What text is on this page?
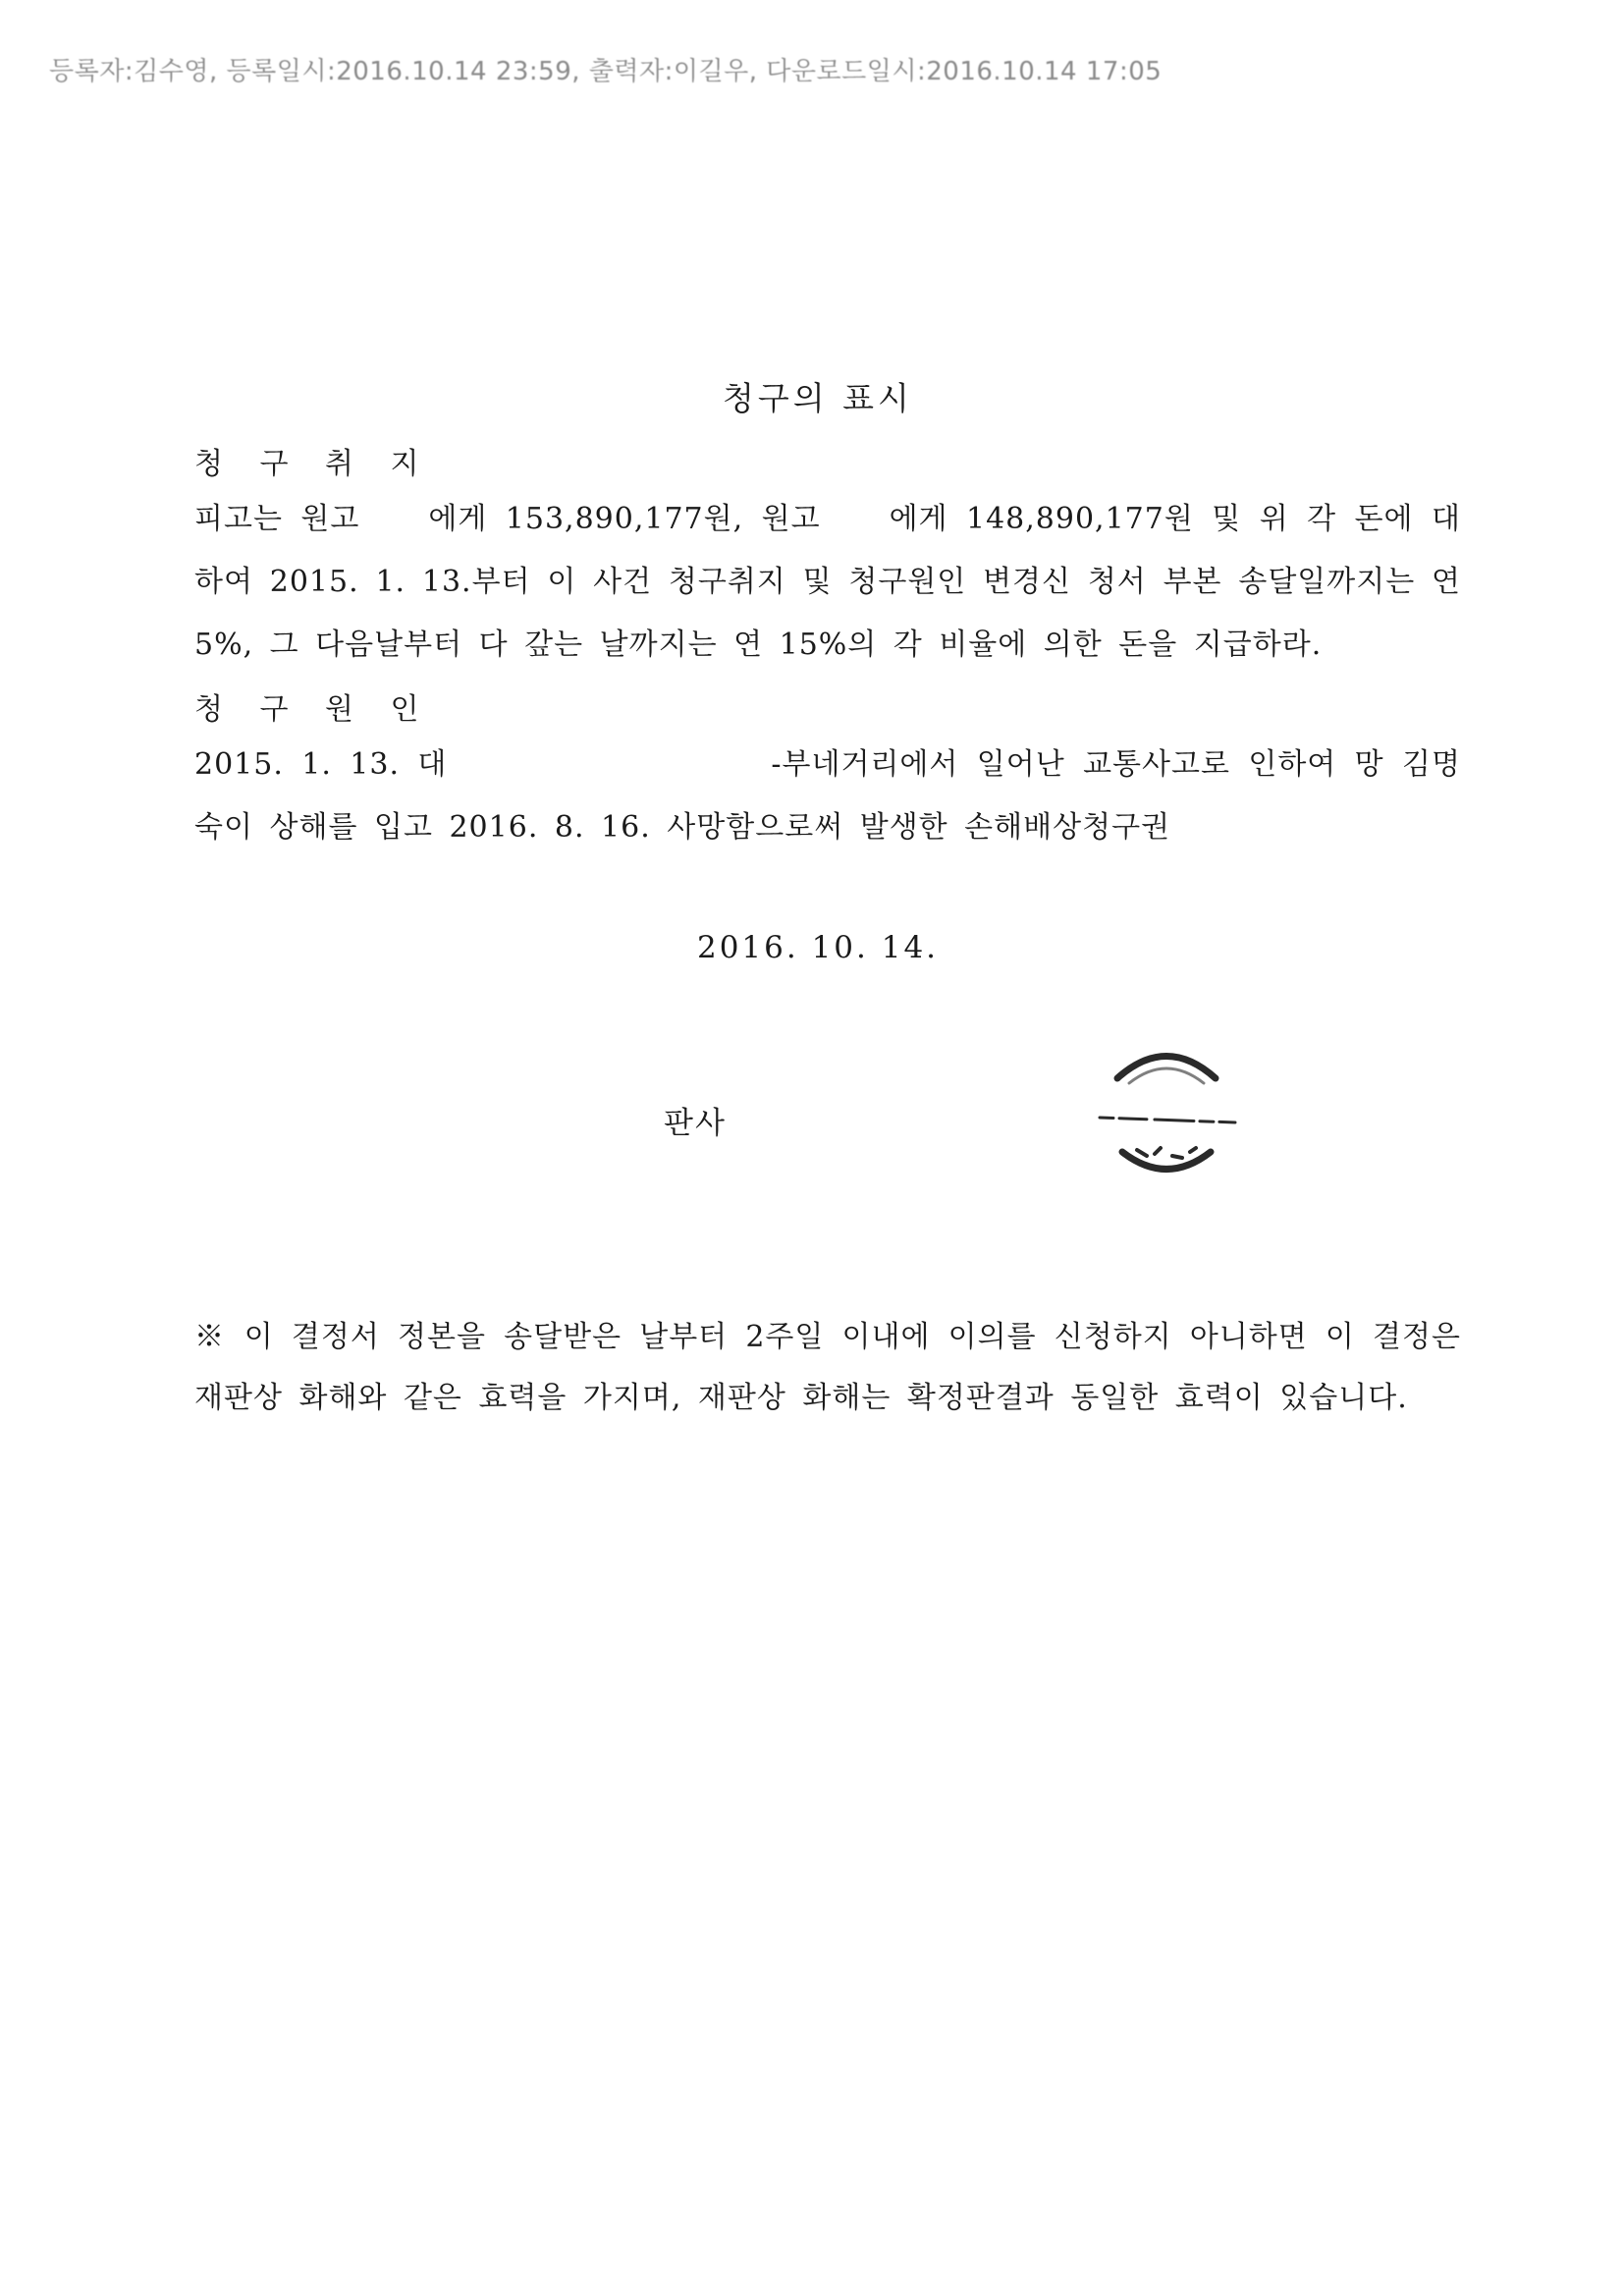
등록자:김수영, 등록일시:2016.10.14 23:59, 출력자:이길우, 다운로드일시:2016.10.14 17:05
청구의 표시
청 구 취 지
피고는 원고 에게 153,890,177원, 원고 에게 148,890,177원 및 위 각 돈에 대하여 2015. 1. 13.부터 이 사건 청구취지 및 청구원인 변경신 청서 부본 송달일까지는 연 5%, 그 다음날부터 다 갚는 날까지는 연 15%의 각 비율에 의한 돈을 지급하라.
청 구 원 인
2015. 1. 13. 대	-부네거리에서 일어난 교통사고로 인하여 망 김명숙이 상해를 입고 2016. 8. 16. 사망함으로써 발생한 손해배상청구권
2016. 10. 14.
판사
※ 이 결정서 정본을 송달받은 날부터 2주일 이내에 이의를 신청하지 아니하면 이 결정은 재판상 화해와 같은 효력을 가지며, 재판상 화해는 확정판결과 동일한 효력이 있습니다.
